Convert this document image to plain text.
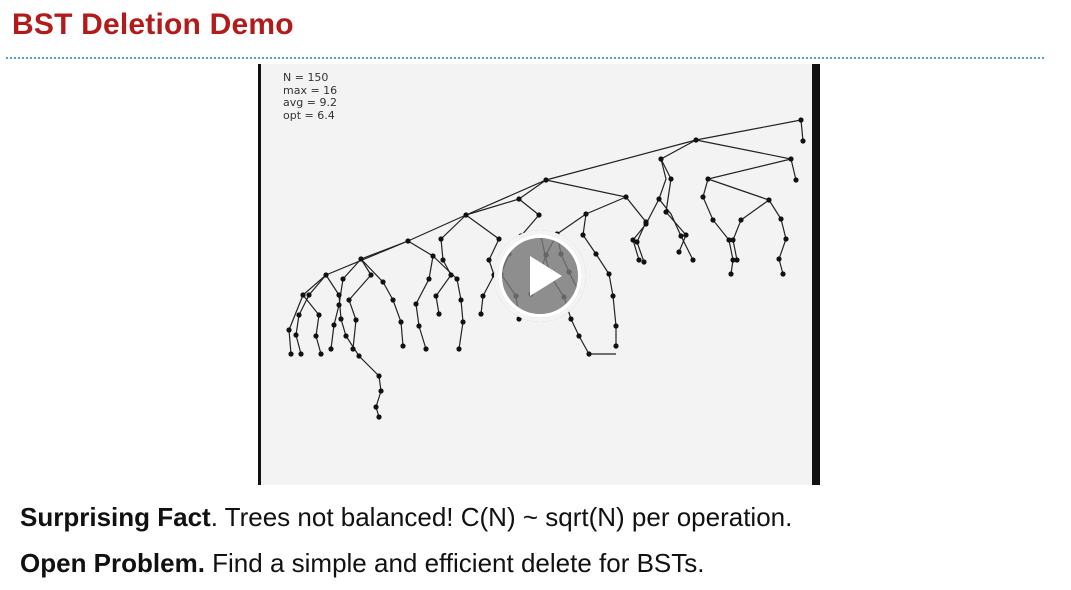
BST Deletion Demo
N = 150
max = 16
avg = 9.2
opt = 6.4
Surprising Fact. Trees not balanced! C(N) ~ sqrt(N) per operation.
Open Problem. Find a simple and efficient delete for BSTs.
